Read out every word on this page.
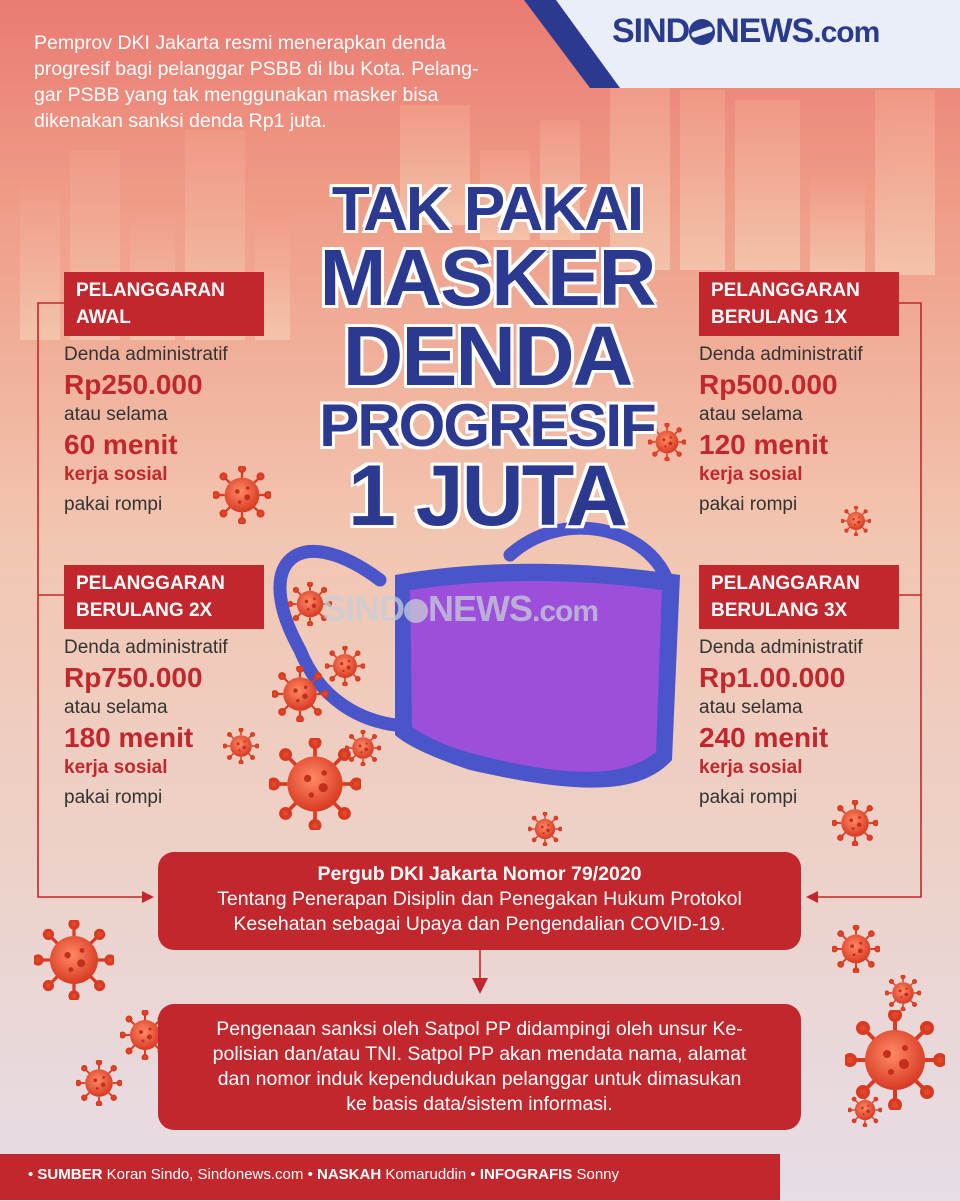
SIND NEWS.com
Pemprov DKI Jakarta resmi menerapkan denda
progresif bagi pelanggar PSBB di Ibu Kota. Pelang-
gar PSBB yang tak menggunakan masker bisa
dikenakan sanksi denda Rp1 juta.
TAK PAKAI
MASKER
DENDA
PROGRESIF
1 JUTA
SIND NEWS.com
PELANGGARAN
AWAL
Denda administratif
Rp250.000
atau selama
60 menit
kerja sosial
pakai rompi
PELANGGARAN
BERULANG 1X
Denda administratif
Rp500.000
atau selama
120 menit
kerja sosial
pakai rompi
PELANGGARAN
BERULANG 2X
Denda administratif
Rp750.000
atau selama
180 menit
kerja sosial
pakai rompi
PELANGGARAN
BERULANG 3X
Denda administratif
Rp1.00.000
atau selama
240 menit
kerja sosial
pakai rompi
Pergub DKI Jakarta Nomor 79/2020
Tentang Penerapan Disiplin dan Penegakan Hukum Protokol
Kesehatan sebagai Upaya dan Pengendalian COVID-19.
Pengenaan sanksi oleh Satpol PP didampingi oleh unsur Ke-
polisian dan/atau TNI. Satpol PP akan mendata nama, alamat
dan nomor induk kependudukan pelanggar untuk dimasukan
ke basis data/sistem informasi.
• SUMBER Koran Sindo, Sindonews.com • NASKAH Komaruddin • INFOGRAFIS Sonny
